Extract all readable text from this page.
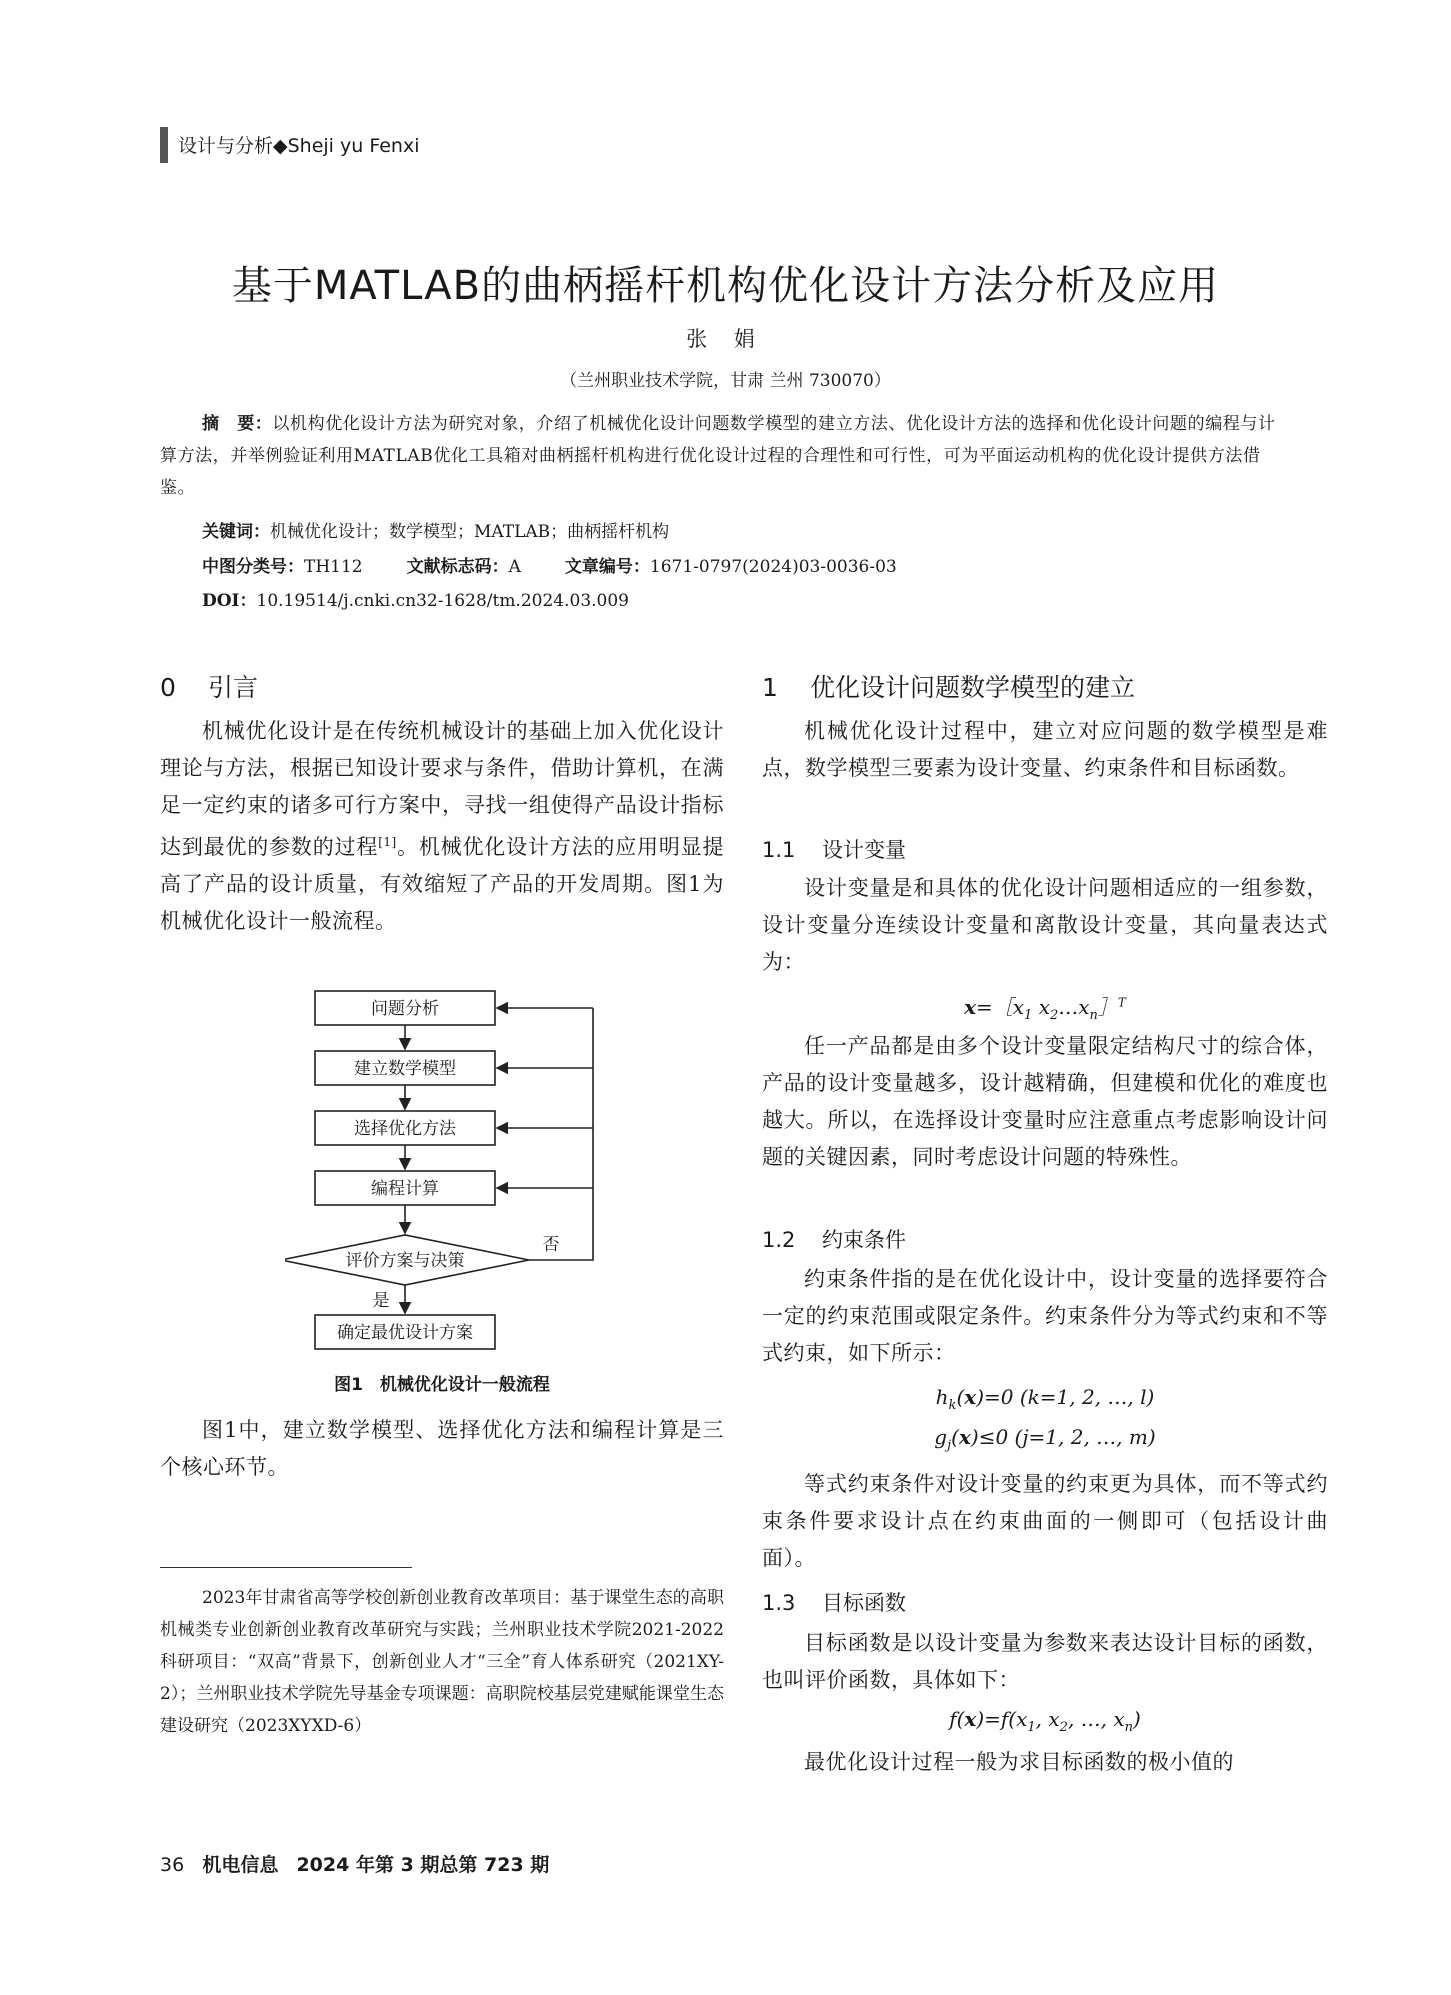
设计与分析◆Sheji yu Fenxi
基于MATLAB的曲柄摇杆机构优化设计方法分析及应用
张 娟
（兰州职业技术学院，甘肃 兰州 730070）
摘　要：以机构优化设计方法为研究对象，介绍了机械优化设计问题数学模型的建立方法、优化设计方法的选择和优化设计问题的编程与计算方法，并举例验证利用MATLAB优化工具箱对曲柄摇杆机构进行优化设计过程的合理性和可行性，可为平面运动机构的优化设计提供方法借鉴。
关键词：机械优化设计；数学模型；MATLAB；曲柄摇杆机构
中图分类号：TH112	文献标志码：A	文章编号：1671-0797(2024)03-0036-03
DOI：10.19514/j.cnki.cn32-1628/tm.2024.03.009
0 引言
机械优化设计是在传统机械设计的基础上加入优化设计理论与方法，根据已知设计要求与条件，借助计算机，在满足一定约束的诸多可行方案中，寻找一组使得产品设计指标达到最优的参数的过程[1]。机械优化设计方法的应用明显提高了产品的设计质量，有效缩短了产品的开发周期。图1为机械优化设计一般流程。
问题分析
建立数学模型
选择优化方法
编程计算
评价方案与决策
否
是
确定最优设计方案
图1　机械优化设计一般流程
图1中，建立数学模型、选择优化方法和编程计算是三个核心环节。
2023年甘肃省高等学校创新创业教育改革项目：基于课堂生态的高职机械类专业创新创业教育改革研究与实践；兰州职业技术学院2021-2022科研项目：“双高”背景下，创新创业人才“三全”育人体系研究（2021XY-2）；兰州职业技术学院先导基金专项课题：高职院校基层党建赋能课堂生态建设研究（2023XYXD-6）
1 优化设计问题数学模型的建立
机械优化设计过程中，建立对应问题的数学模型是难点，数学模型三要素为设计变量、约束条件和目标函数。
1.1 设计变量
设计变量是和具体的优化设计问题相适应的一组参数，设计变量分连续设计变量和离散设计变量，其向量表达式为：
$x=[x_1$ $x_2\dots x_n]^T$
任一产品都是由多个设计变量限定结构尺寸的综合体，产品的设计变量越多，设计越精确，但建模和优化的难度也越大。所以，在选择设计变量时应注意重点考虑影响设计问题的关键因素，同时考虑设计问题的特殊性。
1.2 约束条件
约束条件指的是在优化设计中，设计变量的选择要符合一定的约束范围或限定条件。约束条件分为等式约束和不等式约束，如下所示：
$h_k(x)=0$ (k=1, 2, …, l)
$g_j(x)\le 0$ (j=1, 2, …, m)
等式约束条件对设计变量的约束更为具体，而不等式约束条件要求设计点在约束曲面的一侧即可（包括设计曲面）。
1.3 目标函数
目标函数是以设计变量为参数来表达设计目标的函数，也叫评价函数，具体如下：
$f(x)=f(x_1$, $x_2$, …, $x_n$)
最优化设计过程一般为求目标函数的极小值的
36 机电信息 2024 年第 3 期总第 723 期
